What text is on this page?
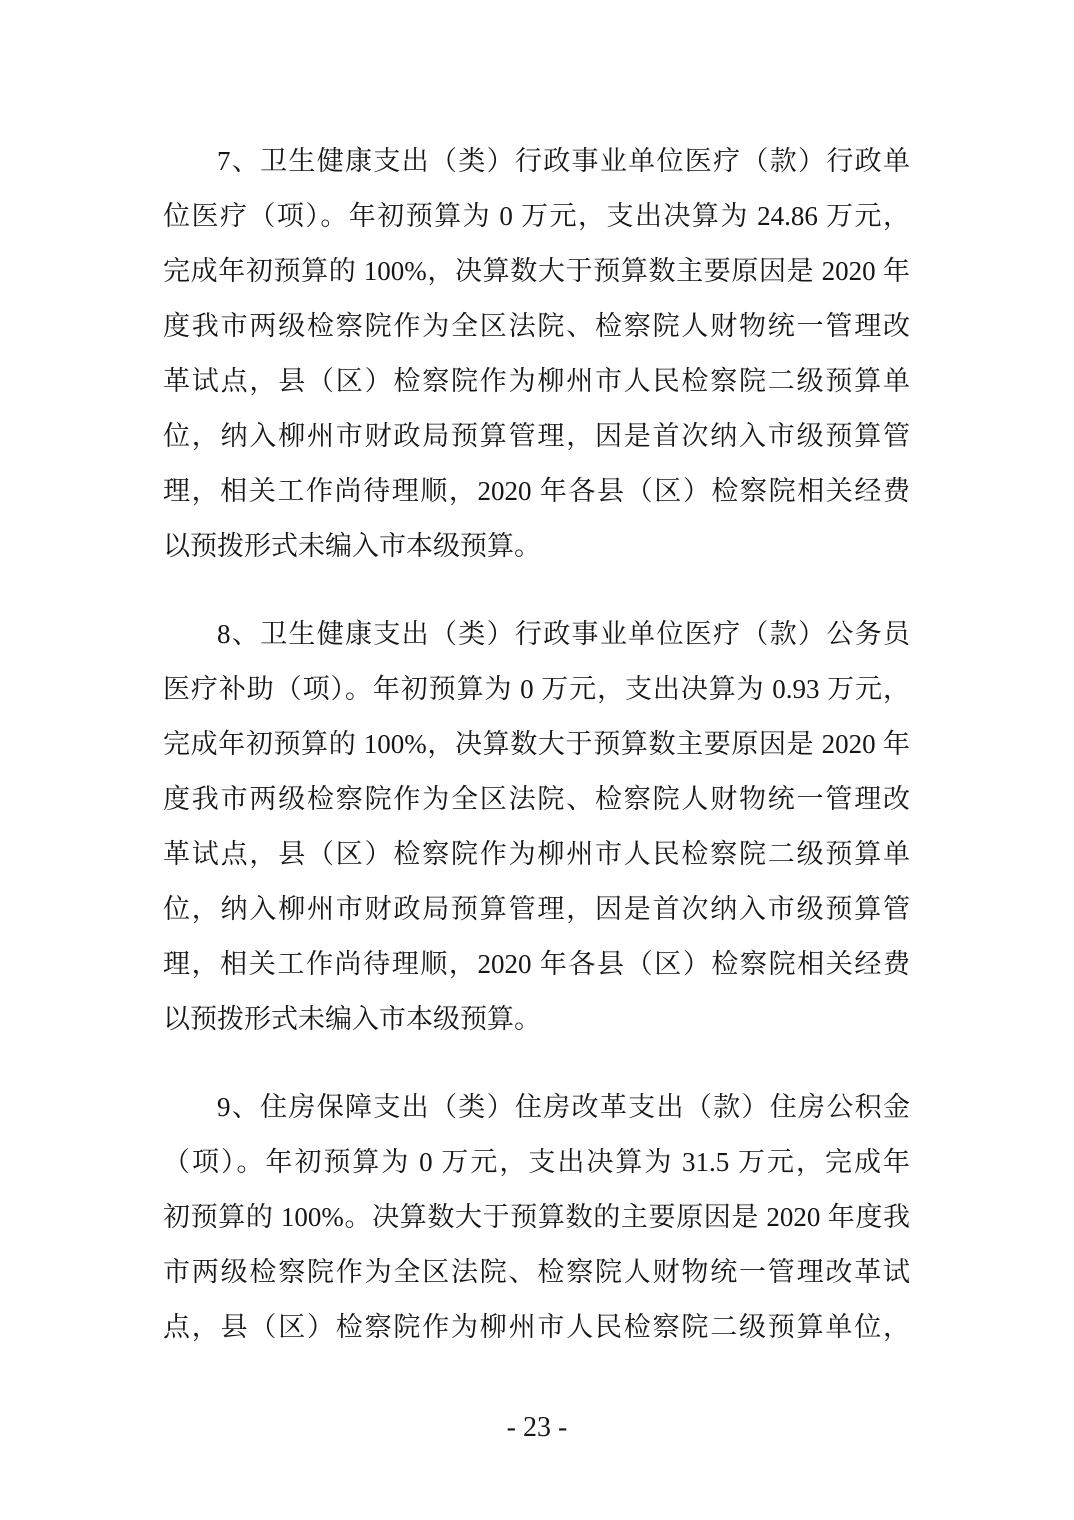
7、卫生健康支出（类）行政事业单位医疗（款）行政单
位医疗（项）。年初预算为 0 万元，支出决算为 24.86 万元，
完成年初预算的 100%，决算数大于预算数主要原因是 2020 年
度我市两级检察院作为全区法院、检察院人财物统一管理改
革试点，县（区）检察院作为柳州市人民检察院二级预算单
位，纳入柳州市财政局预算管理，因是首次纳入市级预算管
理，相关工作尚待理顺，2020 年各县（区）检察院相关经费
以预拨形式未编入市本级预算。

8、卫生健康支出（类）行政事业单位医疗（款）公务员
医疗补助（项）。年初预算为 0 万元，支出决算为 0.93 万元，
完成年初预算的 100%，决算数大于预算数主要原因是 2020 年
度我市两级检察院作为全区法院、检察院人财物统一管理改
革试点，县（区）检察院作为柳州市人民检察院二级预算单
位，纳入柳州市财政局预算管理，因是首次纳入市级预算管
理，相关工作尚待理顺，2020 年各县（区）检察院相关经费
以预拨形式未编入市本级预算。

9、住房保障支出（类）住房改革支出（款）住房公积金
（项）。年初预算为 0 万元，支出决算为 31.5 万元，完成年
初预算的 100%。决算数大于预算数的主要原因是 2020 年度我
市两级检察院作为全区法院、检察院人财物统一管理改革试
点，县（区）检察院作为柳州市人民检察院二级预算单位，

- 23 -
